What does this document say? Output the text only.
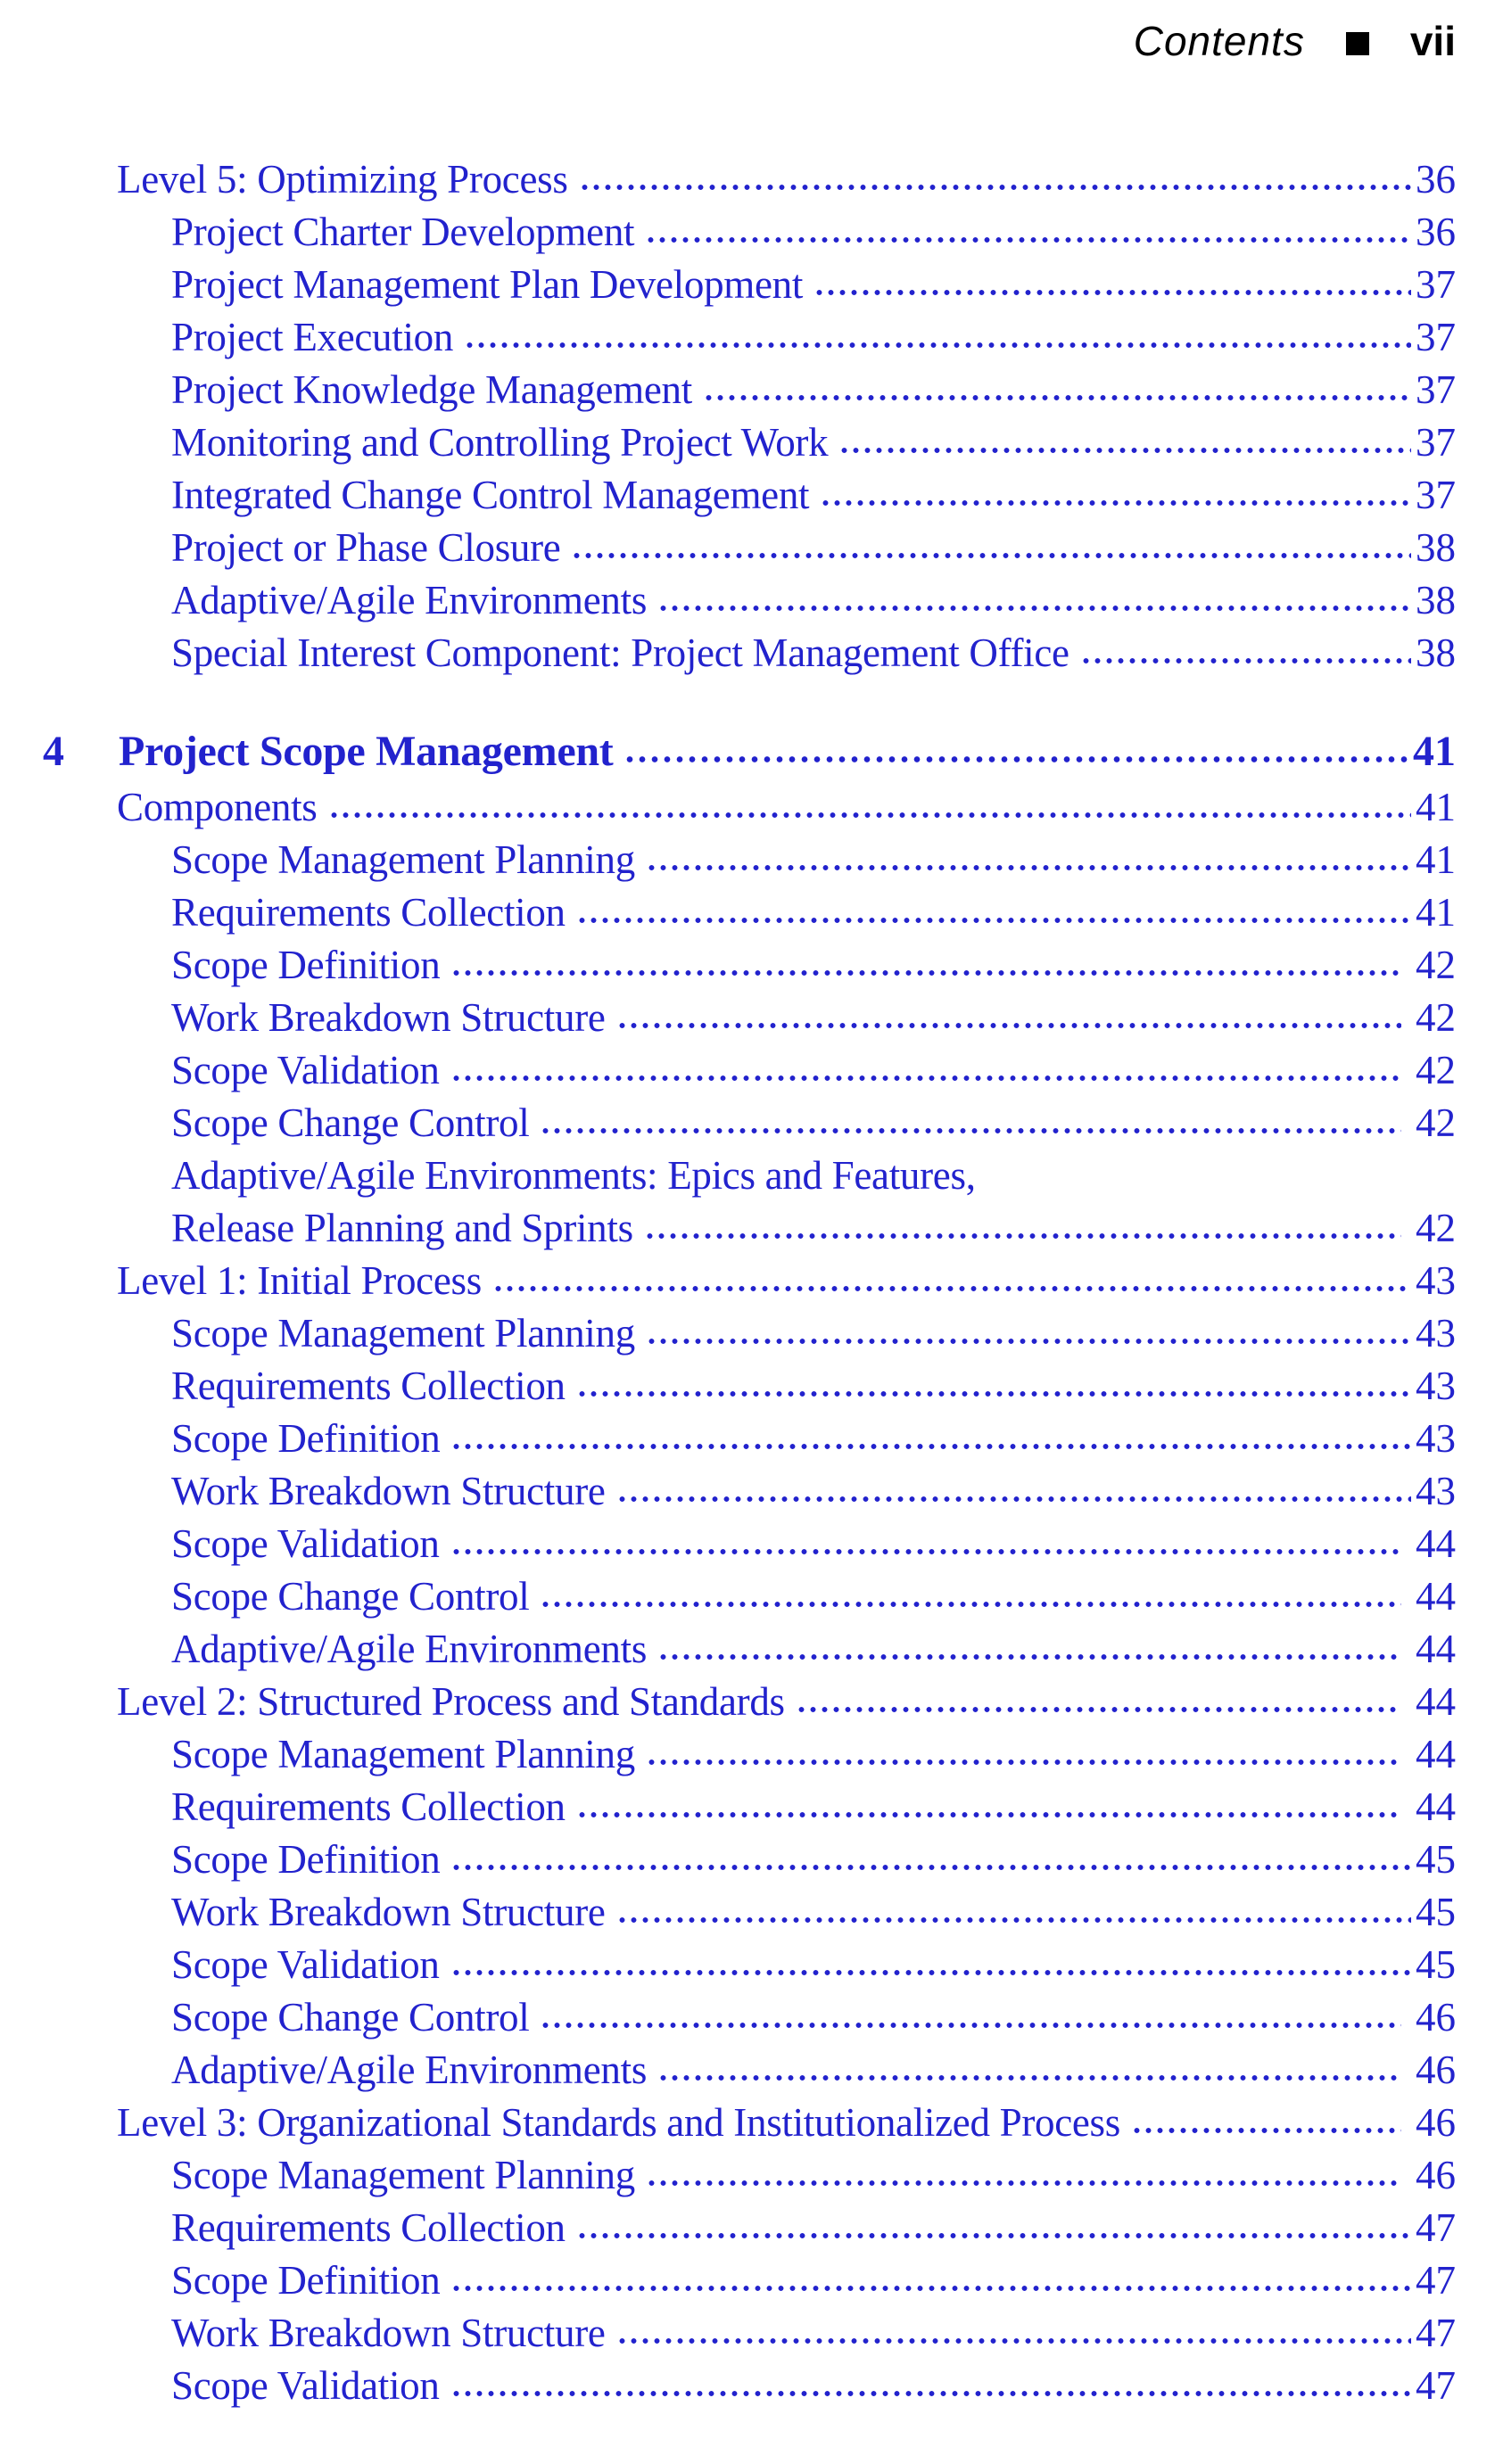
Contents	vii
Level 5: Optimizing Process	36
Project Charter Development	36
Project Management Plan Development	37
Project Execution	37
Project Knowledge Management	37
Monitoring and Controlling Project Work	37
Integrated Change Control Management	37
Project or Phase Closure	38
Adaptive/Agile Environments	38
Special Interest Component: Project Management Office	38
4	Project Scope Management	41
Components	41
Scope Management Planning	41
Requirements Collection	41
Scope Definition	42
Work Breakdown Structure	42
Scope Validation	42
Scope Change Control	42
Adaptive/Agile Environments: Epics and Features,
Release Planning and Sprints	42
Level 1: Initial Process	43
Scope Management Planning	43
Requirements Collection	43
Scope Definition	43
Work Breakdown Structure	43
Scope Validation	44
Scope Change Control	44
Adaptive/Agile Environments	44
Level 2: Structured Process and Standards	44
Scope Management Planning	44
Requirements Collection	44
Scope Definition	45
Work Breakdown Structure	45
Scope Validation	45
Scope Change Control	46
Adaptive/Agile Environments	46
Level 3: Organizational Standards and Institutionalized Process	46
Scope Management Planning	46
Requirements Collection	47
Scope Definition	47
Work Breakdown Structure	47
Scope Validation	47
